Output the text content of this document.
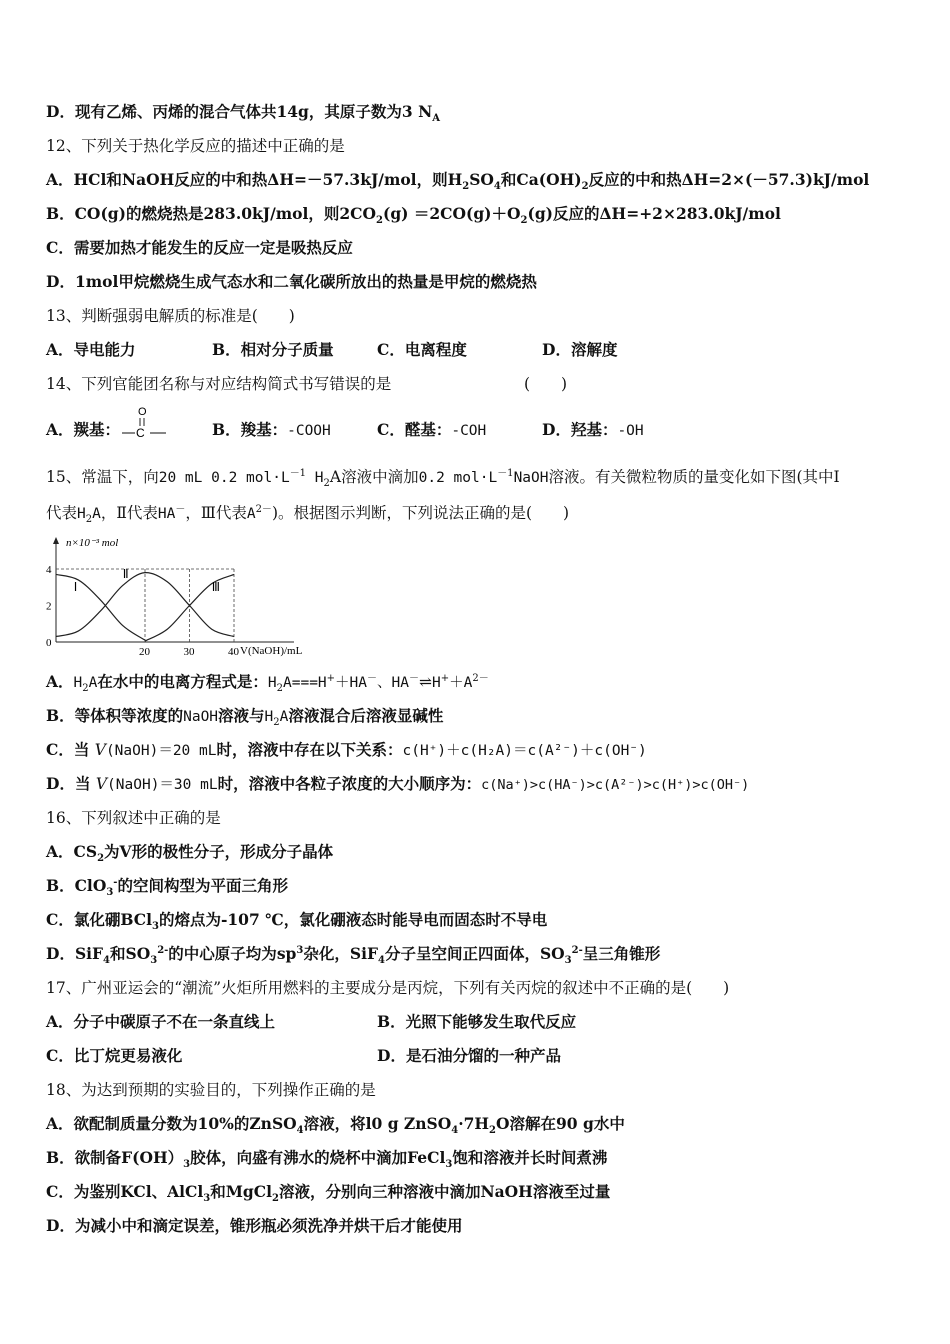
D．现有乙烯、丙烯的混合气体共14g，其原子数为3 $N_A$
12、下列关于热化学反应的描述中正确的是
A．HCl和NaOH反应的中和热ΔH=－57.3kJ/mol，则$H_2SO_4$和$Ca(OH)_2$反应的中和热ΔH=2×(－57.3)kJ/mol
B．CO(g)的燃烧热是283.0kJ/mol，则$2CO_2(g) =2CO(g)+O_2(g)$反应的ΔH=+2×283.0kJ/mol
C．需要加热才能发生的反应一定是吸热反应
D．1mol甲烷燃烧生成气态水和二氧化碳所放出的热量是甲烷的燃烧热
13、判断强弱电解质的标准是(　　)
A．导电能力	B．相对分子质量	C．电离程度	D．溶解度
14、下列官能团名称与对应结构简式书写错误的是	(　　)
A．羰基：
O
C	B．羧基：-COOH	C．醛基：-COH	D．羟基：-OH
15、常温下，向20 mL 0.2 $mol\cdot L^{-1}$ $H_2A$溶液中滴加0.2 $mol\cdot L^{-1}NaOH$溶液。有关微粒物质的量变化如下图(其中Ⅰ
代表$H_2A$，Ⅱ代表HA－，Ⅲ代表$A^{2-}$)。根据图示判断，下列说法正确的是(　　)
n×10⁻³ mol
V(NaOH)/mL
4
2
0
20	30	40
Ⅰ
Ⅱ
Ⅲ
A．$H_2A$在水中的电离方程式是：$H_2A===H^++HA^-$、$HA^-\rightleftharpoons H^++A^{2-}$
B．等体积等浓度的NaOH溶液与$H_2A$溶液混合后溶液显碱性
C．当 V(NaOH)＝20 mL时，溶液中存在以下关系：c(H⁺)＋c(H₂A)＝c(A²⁻)＋c(OH⁻)
D．当 V(NaOH)＝30 mL时，溶液中各粒子浓度的大小顺序为：c(Na⁺)>c(HA⁻)>c(A²⁻)>c(H⁺)>c(OH⁻)
16、下列叙述中正确的是
A．$CS_2$为V形的极性分子，形成分子晶体
B．ClO$_3$-的空间构型为平面三角形
C．氯化硼BCl$_3$的熔点为-107 ℃，氯化硼液态时能导电而固态时不导电
D．SiF$_4$和$SO_3^{2-}$的中心原子均为$sp^3$杂化，SiF$_4$分子呈空间正四面体，$SO_3^{2-}$呈三角锥形
17、广州亚运会的“潮流”火炬所用燃料的主要成分是丙烷，下列有关丙烷的叙述中不正确的是(　　)
A．分子中碳原子不在一条直线上	B．光照下能够发生取代反应
C．比丁烷更易液化	D．是石油分馏的一种产品
18、为达到预期的实验目的，下列操作正确的是
A．欲配制质量分数为10%的ZnSO$_4$溶液，将l0 g $ZnSO_4\cdot 7H_2O$溶解在90 g水中
B．欲制备$F(OH)_3$胶体，向盛有沸水的烧杯中滴加FeCl$_3$饱和溶液并长时间煮沸
C．为鉴别KCl、AlCl$_3$和MgCl$_2$溶液，分别向三种溶液中滴加NaOH溶液至过量
D．为减小中和滴定误差，锥形瓶必须洗净并烘干后才能使用
